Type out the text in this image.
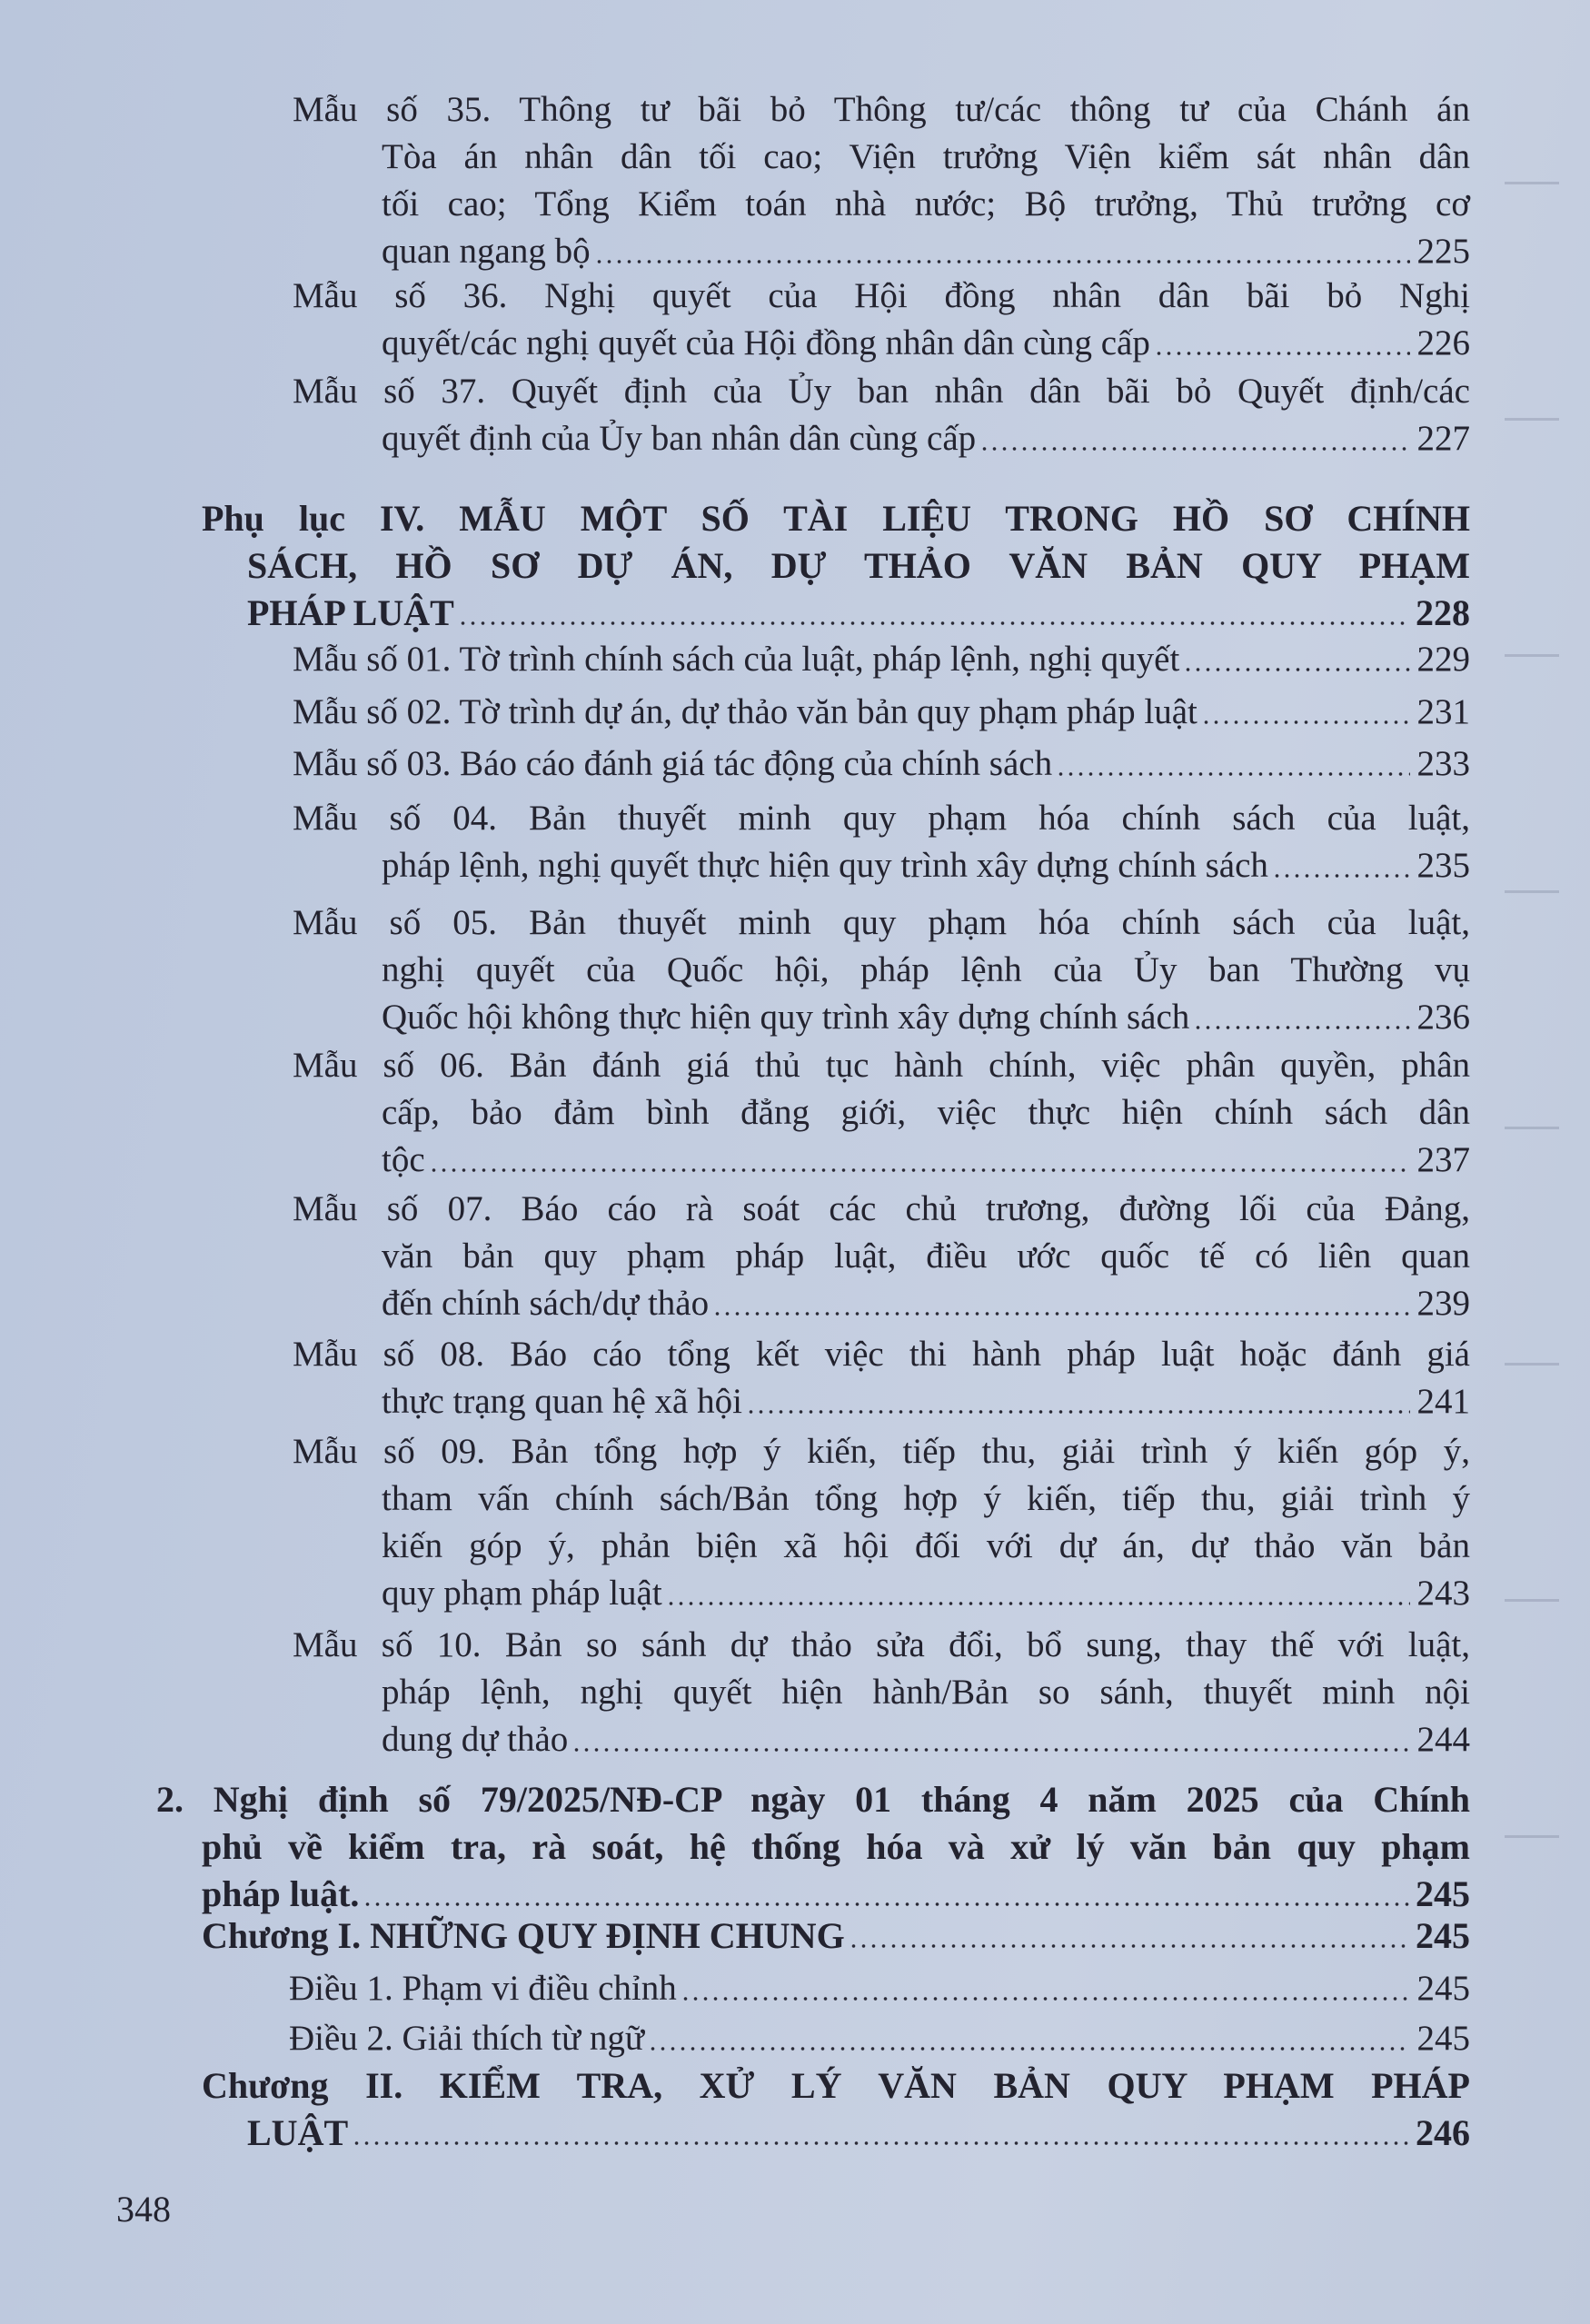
Mẫu số 35. Thông tư bãi bỏ Thông tư/các thông tư của Chánh án
Tòa án nhân dân tối cao; Viện trưởng Viện kiểm sát nhân dân
tối cao; Tổng Kiểm toán nhà nước; Bộ trưởng, Thủ trưởng cơ
quan ngang bộ	225
Mẫu số 36. Nghị quyết của Hội đồng nhân dân bãi bỏ Nghị
quyết/các nghị quyết của Hội đồng nhân dân cùng cấp	226
Mẫu số 37. Quyết định của Ủy ban nhân dân bãi bỏ Quyết định/các
quyết định của Ủy ban nhân dân cùng cấp	227
Phụ lục IV. MẪU MỘT SỐ TÀI LIỆU TRONG HỒ SƠ CHÍNH
SÁCH, HỒ SƠ DỰ ÁN, DỰ THẢO VĂN BẢN QUY PHẠM
PHÁP LUẬT	228
Mẫu số 01. Tờ trình chính sách của luật, pháp lệnh, nghị quyết	229
Mẫu số 02. Tờ trình dự án, dự thảo văn bản quy phạm pháp luật	231
Mẫu số 03. Báo cáo đánh giá tác động của chính sách	233
Mẫu số 04. Bản thuyết minh quy phạm hóa chính sách của luật,
pháp lệnh, nghị quyết thực hiện quy trình xây dựng chính sách	235
Mẫu số 05. Bản thuyết minh quy phạm hóa chính sách của luật,
nghị quyết của Quốc hội, pháp lệnh của Ủy ban Thường vụ
Quốc hội không thực hiện quy trình xây dựng chính sách	236
Mẫu số 06. Bản đánh giá thủ tục hành chính, việc phân quyền, phân
cấp, bảo đảm bình đẳng giới, việc thực hiện chính sách dân
tộc	237
Mẫu số 07. Báo cáo rà soát các chủ trương, đường lối của Đảng,
văn bản quy phạm pháp luật, điều ước quốc tế có liên quan
đến chính sách/dự thảo	239
Mẫu số 08. Báo cáo tổng kết việc thi hành pháp luật hoặc đánh giá
thực trạng quan hệ xã hội	241
Mẫu số 09. Bản tổng hợp ý kiến, tiếp thu, giải trình ý kiến góp ý,
tham vấn chính sách/Bản tổng hợp ý kiến, tiếp thu, giải trình ý
kiến góp ý, phản biện xã hội đối với dự án, dự thảo văn bản
quy phạm pháp luật	243
Mẫu số 10. Bản so sánh dự thảo sửa đổi, bổ sung, thay thế với luật,
pháp lệnh, nghị quyết hiện hành/Bản so sánh, thuyết minh nội
dung dự thảo	244
2. Nghị định số 79/2025/NĐ-CP ngày 01 tháng 4 năm 2025 của Chính
phủ về kiểm tra, rà soát, hệ thống hóa và xử lý văn bản quy phạm
pháp luật.	245
Chương I. NHỮNG QUY ĐỊNH CHUNG	245
Điều 1. Phạm vi điều chỉnh	245
Điều 2. Giải thích từ ngữ	245
Chương II. KIỂM TRA, XỬ LÝ VĂN BẢN QUY PHẠM PHÁP
LUẬT	246
348
